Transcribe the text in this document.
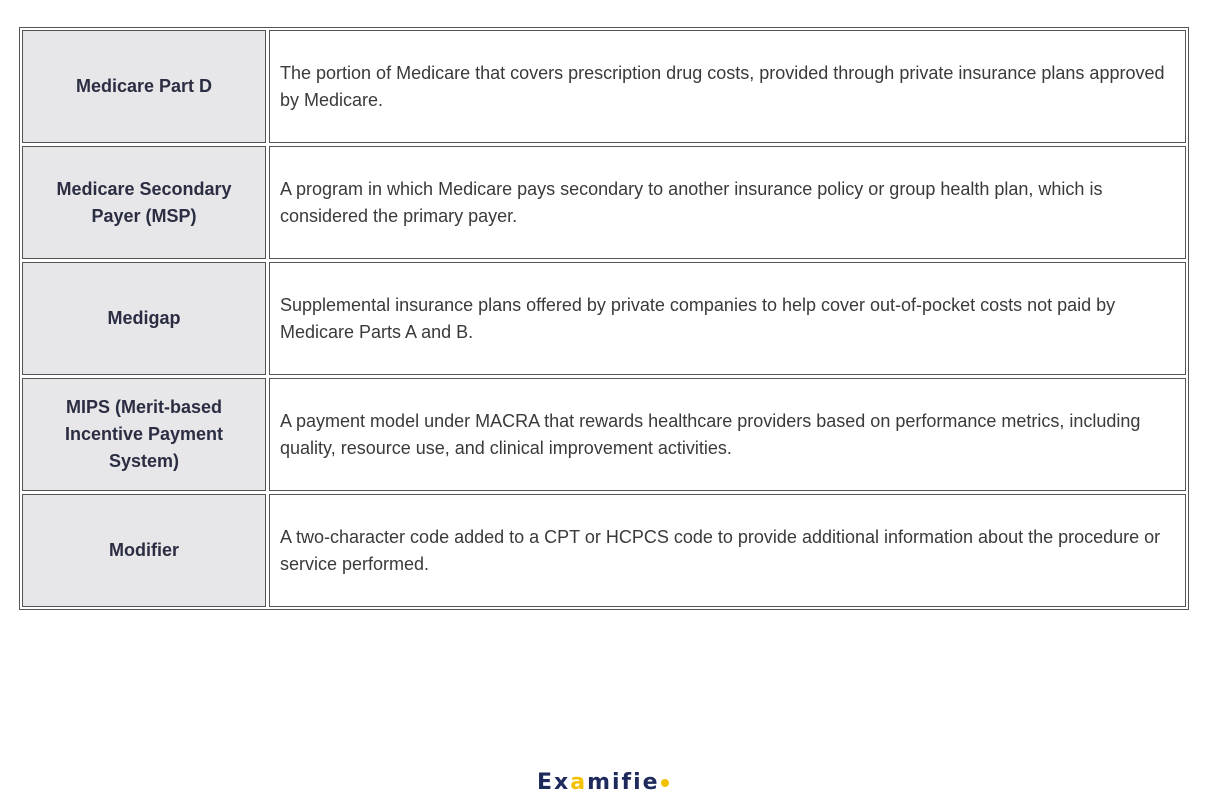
Medicare Part D	The portion of Medicare that covers prescription drug costs, provided through private insurance plans approved by Medicare.
Medicare Secondary Payer (MSP)	A program in which Medicare pays secondary to another insurance policy or group health plan, which is considered the primary payer.
Medigap	Supplemental insurance plans offered by private companies to help cover out-of-pocket costs not paid by Medicare Parts A and B.
MIPS (Merit-based Incentive Payment System)	A payment model under MACRA that rewards healthcare providers based on performance metrics, including quality, resource use, and clinical improvement activities.
Modifier	A two-character code added to a CPT or HCPCS code to provide additional information about the procedure or service performed.
Examifie
